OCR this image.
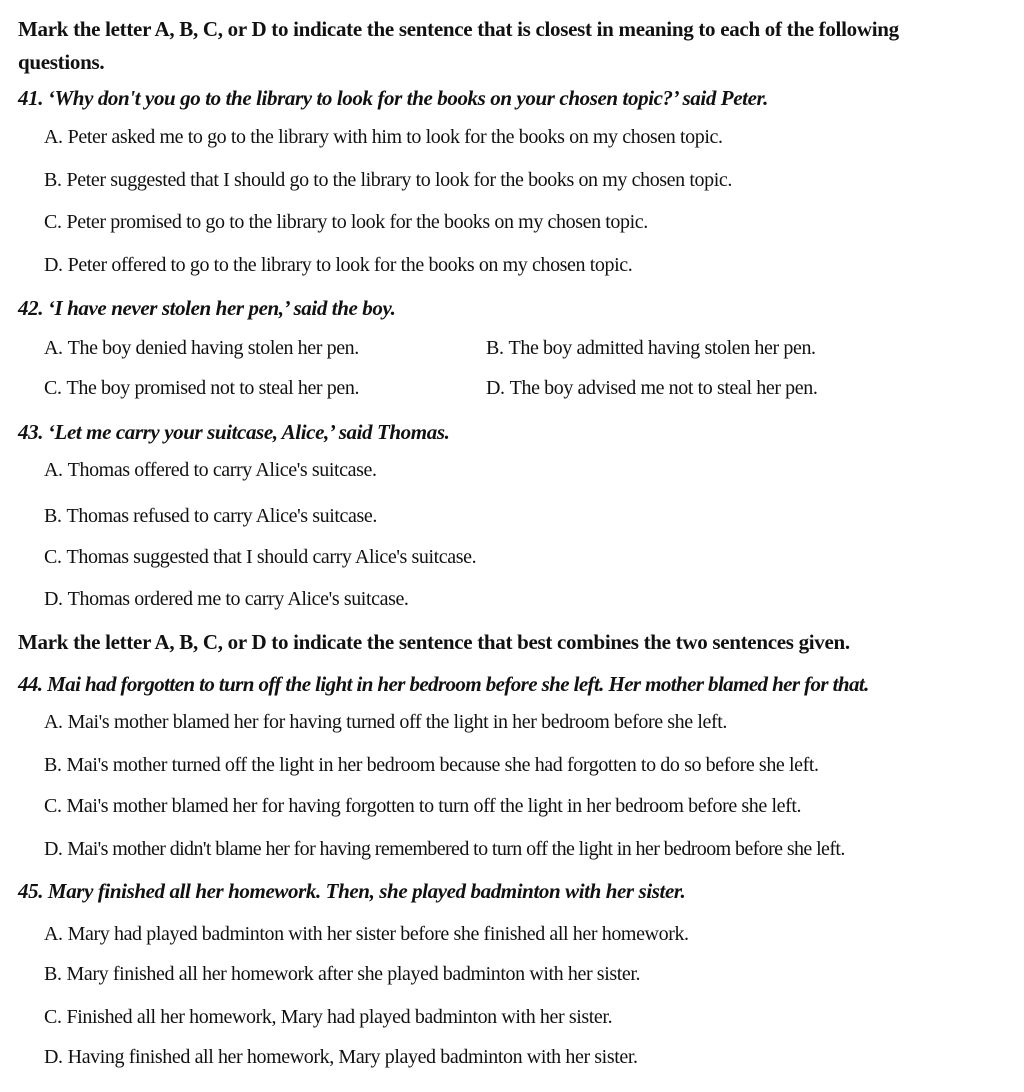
Mark the letter A, B, C, or D to indicate the sentence that is closest in meaning to each of the following
questions.
41. ‘Why don't you go to the library to look for the books on your chosen topic?’ said Peter.
A. Peter asked me to go to the library with him to look for the books on my chosen topic.
B. Peter suggested that I should go to the library to look for the books on my chosen topic.
C. Peter promised to go to the library to look for the books on my chosen topic.
D. Peter offered to go to the library to look for the books on my chosen topic.
42. ‘I have never stolen her pen,’ said the boy.
A. The boy denied having stolen her pen.	B. The boy admitted having stolen her pen.
C. The boy promised not to steal her pen.	D. The boy advised me not to steal her pen.
43. ‘Let me carry your suitcase, Alice,’ said Thomas.
A. Thomas offered to carry Alice's suitcase.
B. Thomas refused to carry Alice's suitcase.
C. Thomas suggested that I should carry Alice's suitcase.
D. Thomas ordered me to carry Alice's suitcase.
Mark the letter A, B, C, or D to indicate the sentence that best combines the two sentences given.
44. Mai had forgotten to turn off the light in her bedroom before she left. Her mother blamed her for that.
A. Mai's mother blamed her for having turned off the light in her bedroom before she left.
B. Mai's mother turned off the light in her bedroom because she had forgotten to do so before she left.
C. Mai's mother blamed her for having forgotten to turn off the light in her bedroom before she left.
D. Mai's mother didn't blame her for having remembered to turn off the light in her bedroom before she left.
45. Mary finished all her homework. Then, she played badminton with her sister.
A. Mary had played badminton with her sister before she finished all her homework.
B. Mary finished all her homework after she played badminton with her sister.
C. Finished all her homework, Mary had played badminton with her sister.
D. Having finished all her homework, Mary played badminton with her sister.
